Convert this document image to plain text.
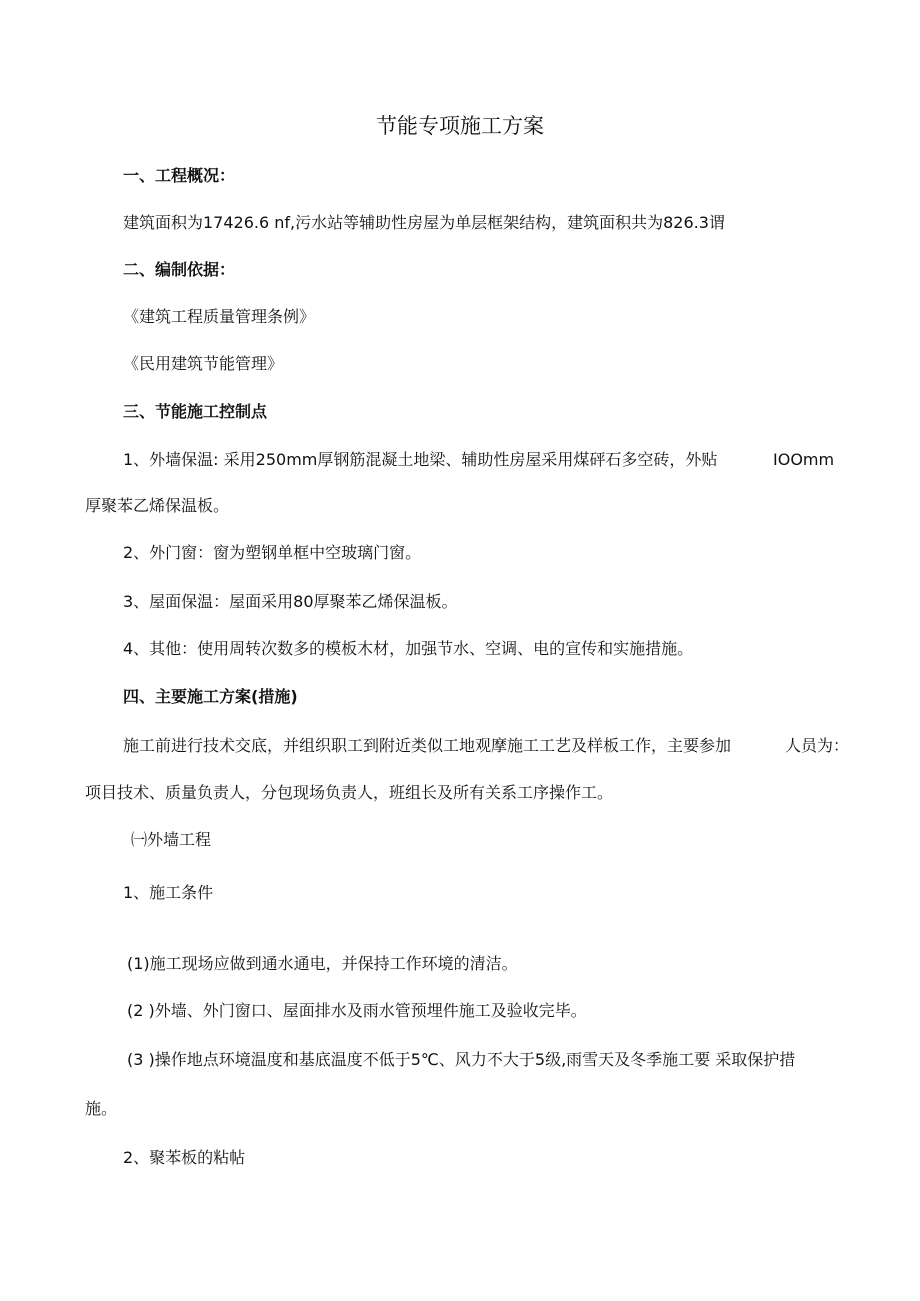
节能专项施工方案
一、工程概况：
建筑面积为17426.6 nf,污水站等辅助性房屋为单层框架结构，建筑面积共为826.3谓
二、编制依据：
《建筑工程质量管理条例》
《民用建筑节能管理》
三、节能施工控制点
1、外墙保温: 采用250mm厚钢筋混凝土地梁、辅助性房屋采用煤砰石多空砖，外贴	IOOmm
厚聚苯乙烯保温板。
2、外门窗：窗为塑钢单框中空玻璃门窗。
3、屋面保温：屋面采用80厚聚苯乙烯保温板。
4、其他：使用周转次数多的模板木材，加强节水、空调、电的宣传和实施措施。
四、主要施工方案(措施)
施工前进行技术交底，并组织职工到附近类似工地观摩施工工艺及样板工作，主要参加	人员为：
项目技术、质量负责人，分包现场负责人，班组长及所有关系工序操作工。
㈠外墙工程
1、施工条件
(1)施工现场应做到通水通电，并保持工作环境的清洁。
(2 )外墙、外门窗口、屋面排水及雨水管预埋件施工及验收完毕。
(3 )操作地点环境温度和基底温度不低于5℃、风力不大于5级,雨雪天及冬季施工要 采取保护措
施。
2、聚苯板的粘帖
